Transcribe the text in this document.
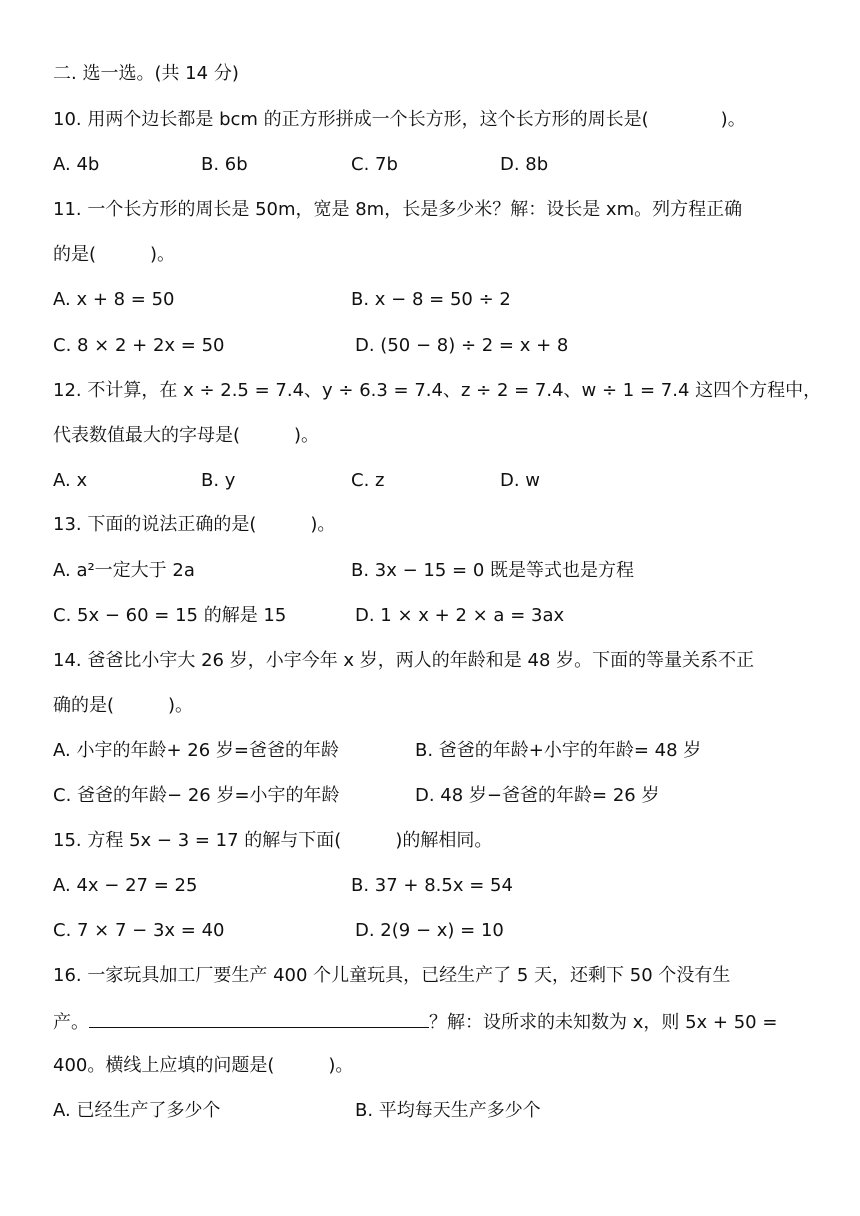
二. 选一选。(共 14 分)
10. 用两个边长都是 bcm 的正方形拼成一个长方形，这个长方形的周长是(　　　　)。
A. 4b	B. 6b	C. 7b	D. 8b
11. 一个长方形的周长是 50m，宽是 8m，长是多少米？解：设长是 xm。列方程正确
的是(　　　)。
A. x + 8 = 50	B. x − 8 = 50 ÷ 2
C. 8 × 2 + 2x = 50	D. (50 − 8) ÷ 2 = x + 8
12. 不计算，在 x ÷ 2.5 = 7.4、y ÷ 6.3 = 7.4、z ÷ 2 = 7.4、w ÷ 1 = 7.4 这四个方程中，
代表数值最大的字母是(　　　)。
A. x	B. y	C. z	D. w
13. 下面的说法正确的是(　　　)。
A. a²一定大于 2a	B. 3x − 15 = 0 既是等式也是方程
C. 5x − 60 = 15 的解是 15	D. 1 × x + 2 × a = 3ax
14. 爸爸比小宇大 26 岁，小宇今年 x 岁，两人的年龄和是 48 岁。下面的等量关系不正
确的是(　　　)。
A. 小宇的年龄+ 26 岁=爸爸的年龄	B. 爸爸的年龄+小宇的年龄= 48 岁
C. 爸爸的年龄− 26 岁=小宇的年龄	D. 48 岁−爸爸的年龄= 26 岁
15. 方程 5x − 3 = 17 的解与下面(　　　)的解相同。
A. 4x − 27 = 25	B. 37 + 8.5x = 54
C. 7 × 7 − 3x = 40	D. 2(9 − x) = 10
16. 一家玩具加工厂要生产 400 个儿童玩具，已经生产了 5 天，还剩下 50 个没有生
产。	？解：设所求的未知数为 x，则 5x + 50 =
400。横线上应填的问题是(　　　)。
A. 已经生产了多少个	B. 平均每天生产多少个
